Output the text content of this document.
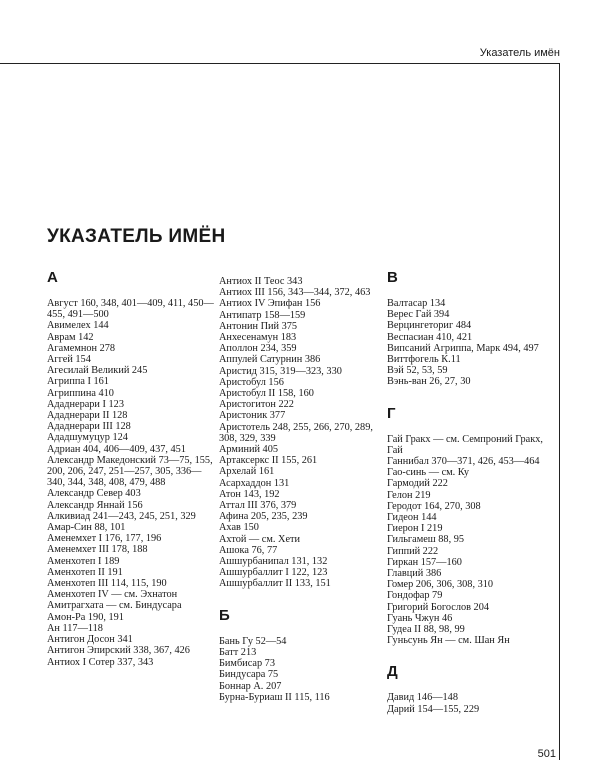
Указатель имён
УКАЗАТЕЛЬ ИМЁН
А
Август 160, 348, 401—409, 411, 450—455, 491—500
Авимелех 144
Аврам 142
Агамемнон 278
Аггей 154
Агесилай Великий 245
Агриппа I 161
Агриппина 410
Ададнерари I 123
Ададнерари II 128
Ададнерари III 128
Ададшумуцур 124
Адриан 404, 406—409, 437, 451
Александр Македонский 73—75, 155, 200, 206, 247, 251—257, 305, 336—340, 344, 348, 408, 479, 488
Александр Север 403
Александр Яннай 156
Алкивиад 241—243, 245, 251, 329
Амар-Син 88, 101
Аменемхет I 176, 177, 196
Аменемхет III 178, 188
Аменхотеп I 189
Аменхотеп II 191
Аменхотеп III 114, 115, 190
Аменхотеп IV — см. Эхнатон
Амитрагхата — см. Биндусара
Амон-Ра 190, 191
Ан 117—118
Антигон Досон 341
Антигон Эпирский 338, 367, 426
Антиох I Сотер 337, 343
Антиох II Теос 343
Антиох III 156, 343—344, 372, 463
Антиох IV Эпифан 156
Антипатр 158—159
Антонин Пий 375
Анхесенамун 183
Аполлон 234, 359
Аппулей Сатурнин 386
Аристид 315, 319—323, 330
Аристобул 156
Аристобул II 158, 160
Аристогитон 222
Аристоник 377
Аристотель 248, 255, 266, 270, 289, 308, 329, 339
Арминий 405
Артаксеркс II 155, 261
Архелай 161
Асархаддон 131
Атон 143, 192
Аттал III 376, 379
Афина 205, 235, 239
Ахав 150
Ахтой — см. Хети
Ашока 76, 77
Ашшурбанипал 131, 132
Ашшурбаллит I 122, 123
Ашшурбаллит II 133, 151
Б
Бань Гу 52—54
Батт 213
Бимбисар 73
Биндусара 75
Боннар А. 207
Бурна-Буриаш II 115, 116
В
Валтасар 134
Верес Гай 394
Верцингеториг 484
Веспасиан 410, 421
Випсаний Агриппа, Марк 494, 497
Виттфогель К.11
Вэй 52, 53, 59
Вэнь-ван 26, 27, 30
Г
Гай Гракх — см. Семпроний Гракх, Гай
Ганнибал 370—371, 426, 453—464
Гао-синь — см. Ку
Гармодий 222
Гелон 219
Геродот 164, 270, 308
Гидеон 144
Гиерон I 219
Гильгамеш 88, 95
Гиппий 222
Гиркан 157—160
Главций 386
Гомер 206, 306, 308, 310
Гондофар 79
Григорий Богослов 204
Гуань Чжун 46
Гудеа II 88, 98, 99
Гуньсунь Ян — см. Шан Ян
Д
Давид 146—148
Дарий 154—155, 229
501
